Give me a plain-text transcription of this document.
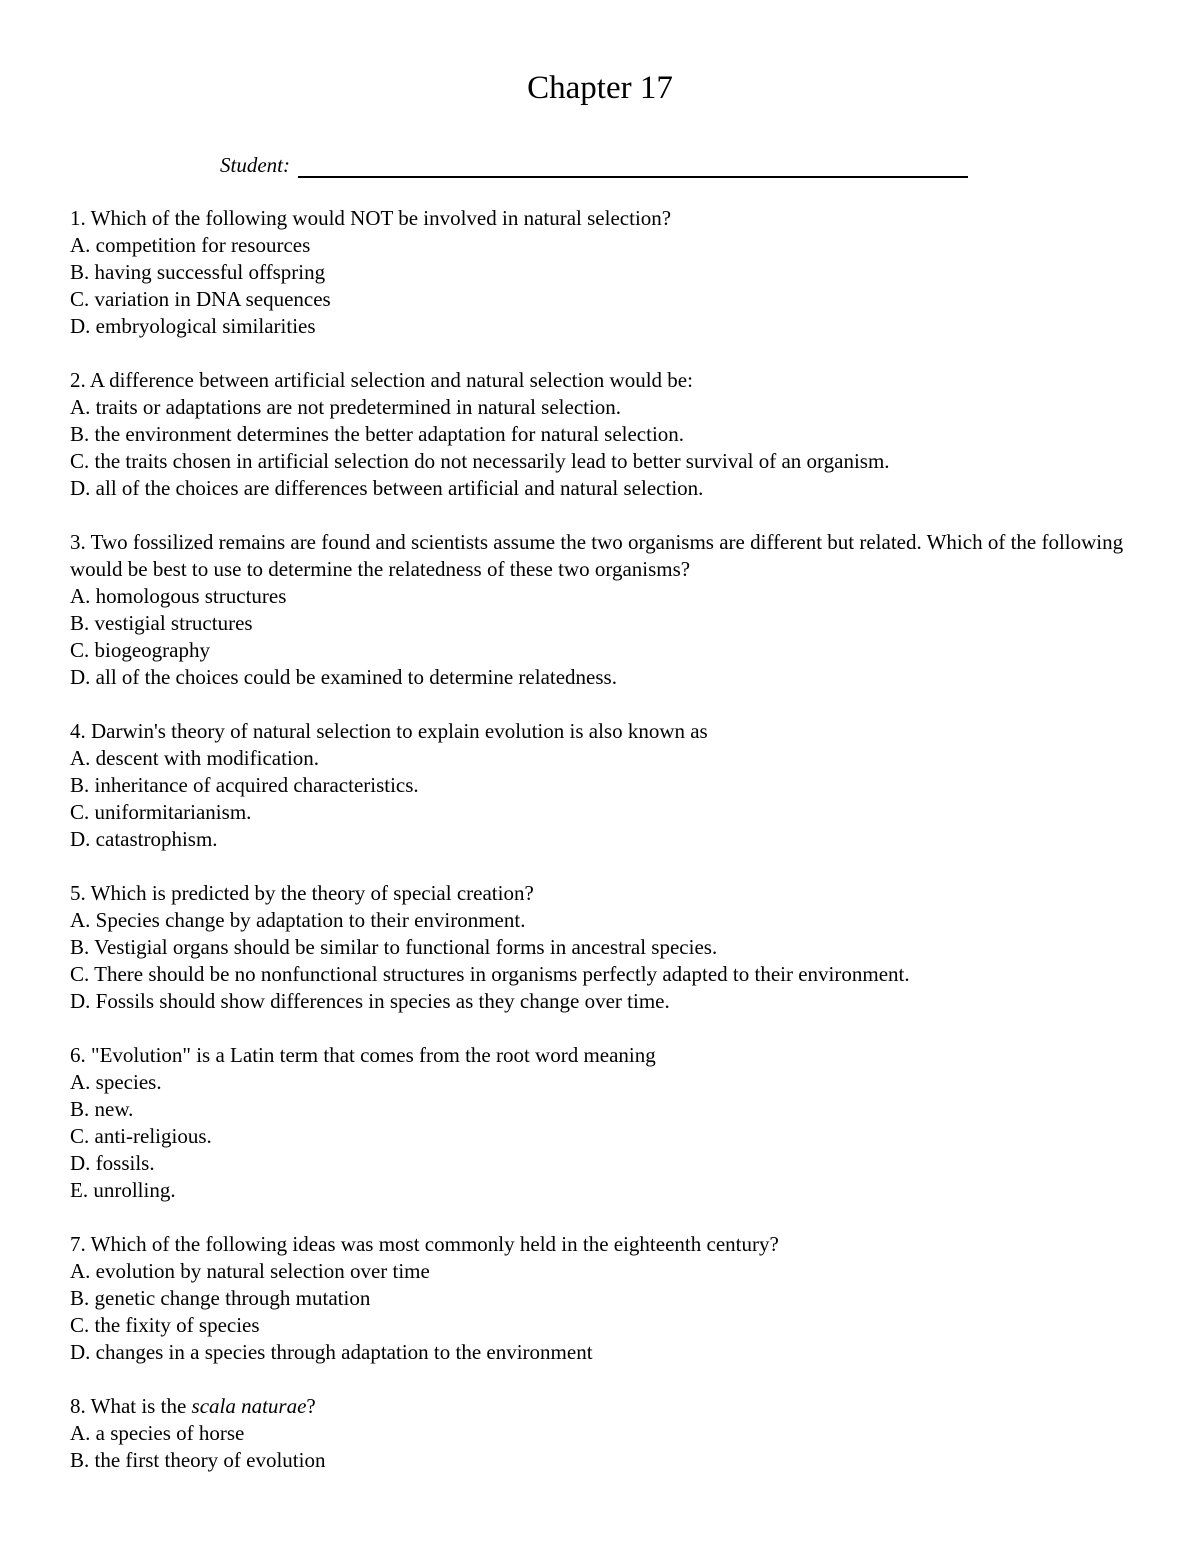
Chapter 17
Student:

1. Which of the following would NOT be involved in natural selection?

A. competition for resources

B. having successful offspring

C. variation in DNA sequences

D. embryological similarities

2. A difference between artificial selection and natural selection would be:

A. traits or adaptations are not predetermined in natural selection.

B. the environment determines the better adaptation for natural selection.

C. the traits chosen in artificial selection do not necessarily lead to better survival of an organism.

D. all of the choices are differences between artificial and natural selection.

3. Two fossilized remains are found and scientists assume the two organisms are different but related. Which of the following would be best to use to determine the relatedness of these two organisms?

A. homologous structures

B. vestigial structures

C. biogeography

D. all of the choices could be examined to determine relatedness.

4. Darwin's theory of natural selection to explain evolution is also known as

A. descent with modification.

B. inheritance of acquired characteristics.

C. uniformitarianism.

D. catastrophism.

5. Which is predicted by the theory of special creation?

A. Species change by adaptation to their environment.

B. Vestigial organs should be similar to functional forms in ancestral species.

C. There should be no nonfunctional structures in organisms perfectly adapted to their environment.

D. Fossils should show differences in species as they change over time.

6. "Evolution" is a Latin term that comes from the root word meaning

A. species.

B. new.

C. anti-religious.

D. fossils.

E. unrolling.

7. Which of the following ideas was most commonly held in the eighteenth century?

A. evolution by natural selection over time

B. genetic change through mutation

C. the fixity of species

D. changes in a species through adaptation to the environment

8. What is the scala naturae?

A. a species of horse

B. the first theory of evolution
